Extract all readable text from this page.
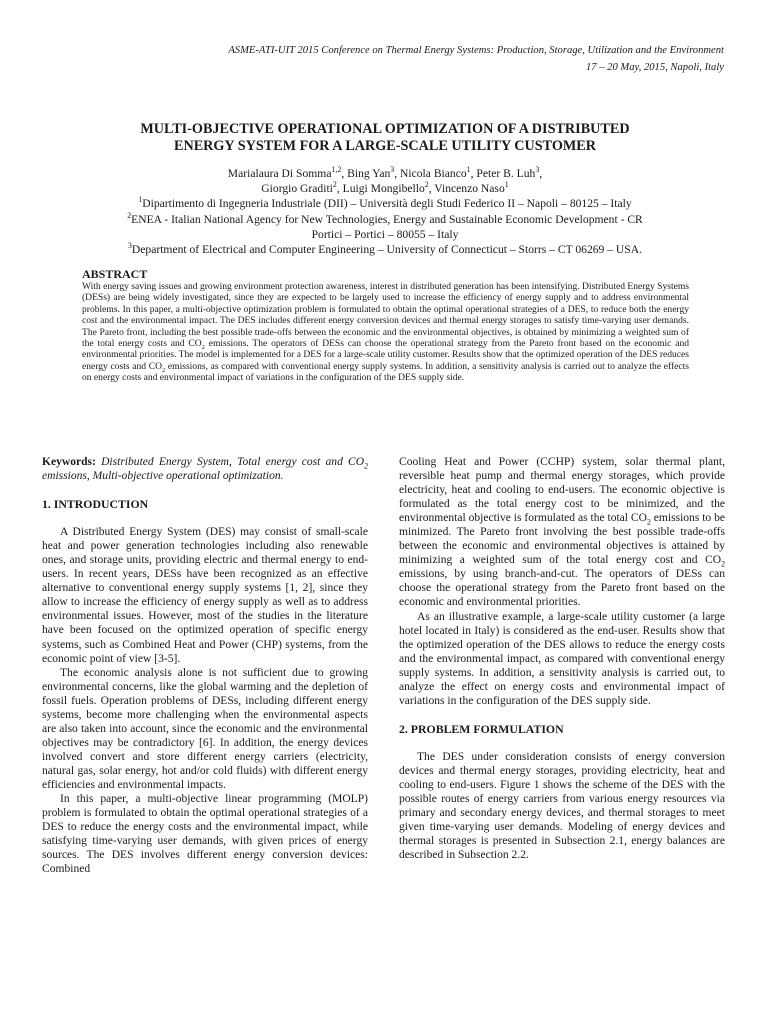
ASME-ATI-UIT 2015 Conference on Thermal Energy Systems: Production, Storage, Utilization and the Environment
17 – 20 May, 2015, Napoli, Italy
MULTI-OBJECTIVE OPERATIONAL OPTIMIZATION OF A DISTRIBUTED
ENERGY SYSTEM FOR A LARGE-SCALE UTILITY CUSTOMER

Marialaura Di Somma$^{1,2}$, Bing Yan$^3$, Nicola Bianco$^1$, Peter B. Luh$^3$,

Giorgio Graditi$^2$, Luigi Mongibello$^2$, Vincenzo Naso$^1$

$^1$Dipartimento di Ingegneria Industriale (DII) – Università degli Studi Federico II – Napoli – 80125 – Italy

$^2$ENEA - Italian National Agency for New Technologies, Energy and Sustainable Economic Development - CR

Portici – Portici – 80055 – Italy

$^3$Department of Electrical and Computer Engineering – University of Connecticut – Storrs – CT 06269 – USA.

ABSTRACT

With energy saving issues and growing environment protection awareness, interest in distributed generation has been intensifying. Distributed Energy Systems (DESs) are being widely investigated, since they are expected to be largely used to increase the efficiency of energy supply and to address environmental problems. In this paper, a multi-objective optimization problem is formulated to obtain the optimal operational strategies of a DES, to reduce both the energy cost and the environmental impact. The DES includes different energy conversion devices and thermal energy storages to satisfy time-varying user demands. The Pareto front, including the best possible trade-offs between the economic and the environmental objectives, is obtained by minimizing a weighted sum of the total energy costs and $CO_2$ emissions. The operators of DESs can choose the operational strategy from the Pareto front based on the economic and environmental priorities. The model is implemented for a DES for a large-scale utility customer. Results show that the optimized operation of the DES reduces energy costs and $CO_2$ emissions, as compared with conventional energy supply systems. In addition, a sensitivity analysis is carried out to analyze the effects on energy costs and environmental impact of variations in the configuration of the DES supply side.

Keywords: Distributed Energy System, Total energy cost and $CO_2$ emissions, Multi-objective operational optimization.

1. INTRODUCTION

A Distributed Energy System (DES) may consist of small-scale heat and power generation technologies including also renewable ones, and storage units, providing electric and thermal energy to end-users. In recent years, DESs have been recognized as an effective alternative to conventional energy supply systems [1, 2], since they allow to increase the efficiency of energy supply as well as to address environmental issues. However, most of the studies in the literature have been focused on the optimized operation of specific energy systems, such as Combined Heat and Power (CHP) systems, from the economic point of view [3-5].

The economic analysis alone is not sufficient due to growing environmental concerns, like the global warming and the depletion of fossil fuels. Operation problems of DESs, including different energy systems, become more challenging when the environmental aspects are also taken into account, since the economic and the environmental objectives may be contradictory [6]. In addition, the energy devices involved convert and store different energy carriers (electricity, natural gas, solar energy, hot and/or cold fluids) with different energy efficiencies and environmental impacts.

In this paper, a multi-objective linear programming (MOLP) problem is formulated to obtain the optimal operational strategies of a DES to reduce the energy costs and the environmental impact, while satisfying time-varying user demands, with given prices of energy sources. The DES involves different energy conversion devices: Combined

Cooling Heat and Power (CCHP) system, solar thermal plant, reversible heat pump and thermal energy storages, which provide electricity, heat and cooling to end-users. The economic objective is formulated as the total energy cost to be minimized, and the environmental objective is formulated as the total $CO_2$ emissions to be minimized. The Pareto front involving the best possible trade-offs between the economic and environmental objectives is attained by minimizing a weighted sum of the total energy cost and $CO_2$ emissions, by using branch-and-cut. The operators of DESs can choose the operational strategy from the Pareto front based on the economic and environmental priorities.

As an illustrative example, a large-scale utility customer (a large hotel located in Italy) is considered as the end-user. Results show that the optimized operation of the DES allows to reduce the energy costs and the environmental impact, as compared with conventional energy supply systems. In addition, a sensitivity analysis is carried out, to analyze the effect on energy costs and environmental impact of variations in the configuration of the DES supply side.

2. PROBLEM FORMULATION

The DES under consideration consists of energy conversion devices and thermal energy storages, providing electricity, heat and cooling to end-users. Figure 1 shows the scheme of the DES with the possible routes of energy carriers from various energy resources via primary and secondary energy devices, and thermal storages to meet given time-varying user demands. Modeling of energy devices and thermal storages is presented in Subsection 2.1, energy balances are described in Subsection 2.2.
